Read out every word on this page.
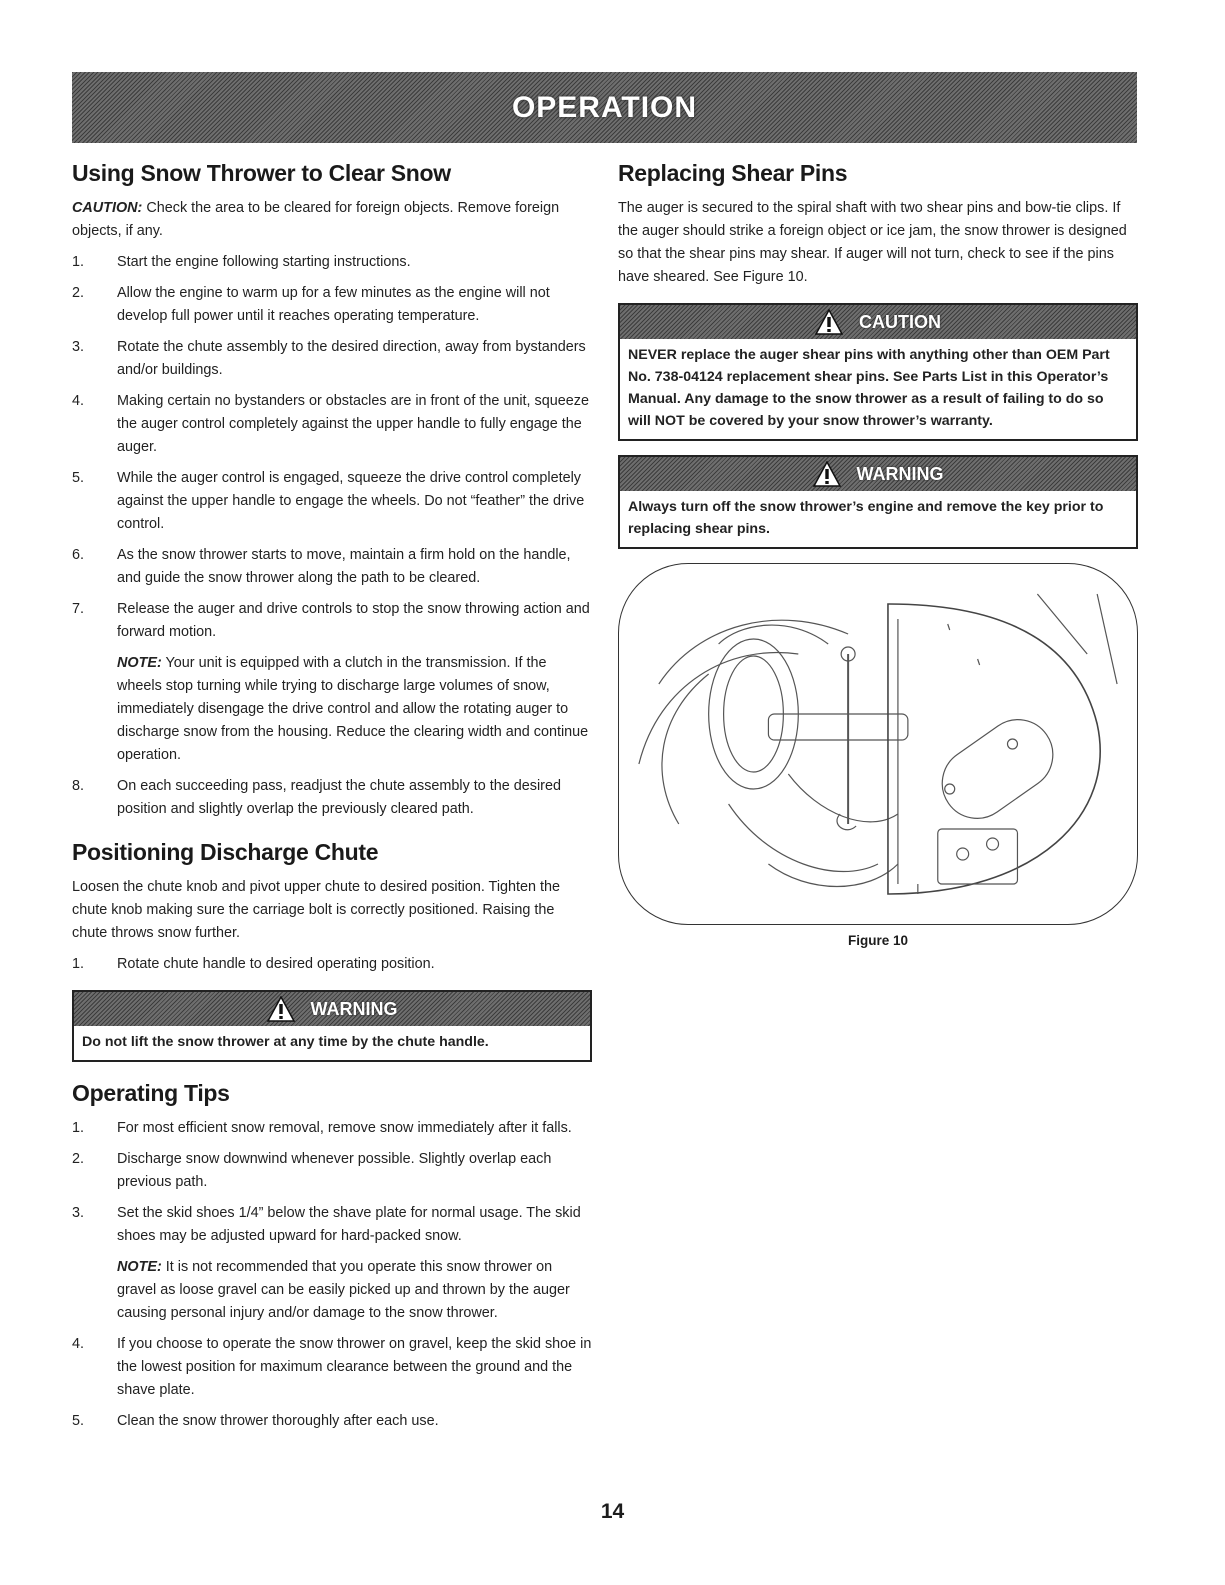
OPERATION
Using Snow Thrower to Clear Snow

CAUTION: Check the area to be cleared for foreign objects. Remove foreign objects, if any.

1. Start the engine following starting instructions.
2. Allow the engine to warm up for a few minutes as the engine will not develop full power until it reaches operating temperature.
3. Rotate the chute assembly to the desired direction, away from bystanders and/or buildings.
4. Making certain no bystanders or obstacles are in front of the unit, squeeze the auger control completely against the upper handle to fully engage the auger.
5. While the auger control is engaged, squeeze the drive control completely against the upper handle to engage the wheels. Do not “feather” the drive control.
6. As the snow thrower starts to move, maintain a firm hold on the handle, and guide the snow thrower along the path to be cleared.
7. Release the auger and drive controls to stop the snow throwing action and forward motion.

NOTE: Your unit is equipped with a clutch in the transmission. If the wheels stop turning while trying to discharge large volumes of snow, immediately disengage the drive control and allow the rotating auger to discharge snow from the housing. Reduce the clearing width and continue operation.

8. On each succeeding pass, readjust the chute assembly to the desired position and slightly overlap the previously cleared path.
Positioning Discharge Chute

Loosen the chute knob and pivot upper chute to desired position. Tighten the chute knob making sure the carriage bolt is correctly positioned. Raising the chute throws snow further.

1. Rotate chute handle to desired operating position.
WARNING

Do not lift the snow thrower at any time by the chute handle.

Operating Tips
1. For most efficient snow removal, remove snow immediately after it falls.
2. Discharge snow downwind whenever possible. Slightly overlap each previous path.
3. Set the skid shoes 1/4” below the shave plate for normal usage. The skid shoes may be adjusted upward for hard-packed snow.

NOTE: It is not recommended that you operate this snow thrower on gravel as loose gravel can be easily picked up and thrown by the auger causing personal injury and/or damage to the snow thrower.

4. If you choose to operate the snow thrower on gravel, keep the skid shoe in the lowest position for maximum clearance between the ground and the shave plate.
5. Clean the snow thrower thoroughly after each use.
Replacing Shear Pins

The auger is secured to the spiral shaft with two shear pins and bow-tie clips. If the auger should strike a foreign object or ice jam, the snow thrower is designed so that the shear pins may shear. If auger will not turn, check to see if the pins have sheared. See Figure 10.

CAUTION

NEVER replace the auger shear pins with anything other than OEM Part No. 738-04124 replacement shear pins. See Parts List in this Operator’s Manual. Any damage to the snow thrower as a result of failing to do so will NOT be covered by your snow thrower’s warranty.

WARNING

Always turn off the snow thrower’s engine and remove the key prior to replacing shear pins.

Figure 10
14
